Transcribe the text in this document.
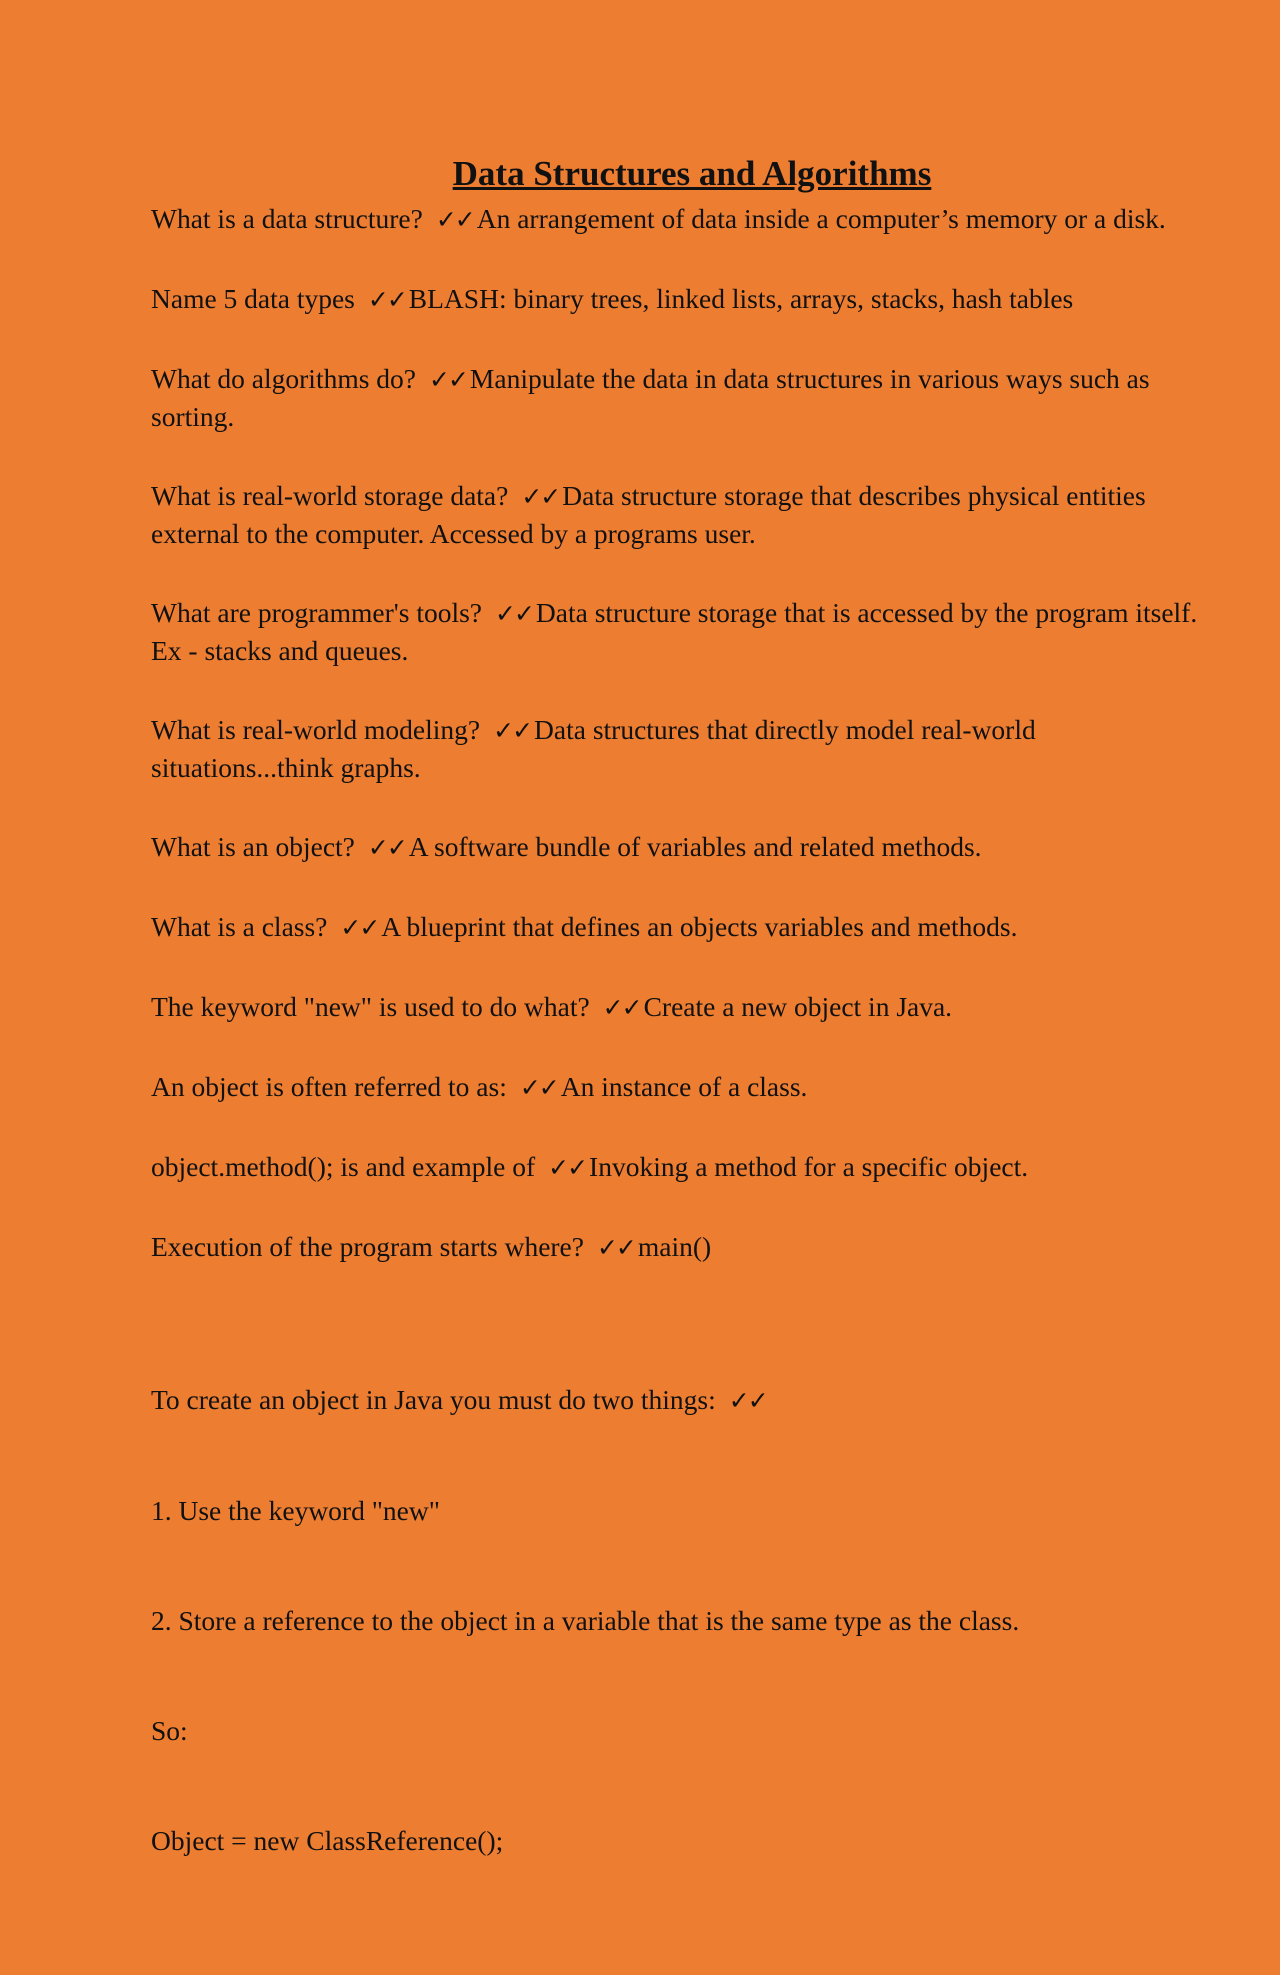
Data Structures and Algorithms
What is a data structure? ✓✓ An arrangement of data inside a computer’s memory or a disk.
Name 5 data types ✓✓ BLASH: binary trees, linked lists, arrays, stacks, hash tables
What do algorithms do? ✓✓ Manipulate the data in data structures in various ways such as sorting.
What is real-world storage data? ✓✓ Data structure storage that describes physical entities external to the computer. Accessed by a programs user.
What are programmer's tools? ✓✓ Data structure storage that is accessed by the program itself. Ex - stacks and queues.
What is real-world modeling? ✓✓ Data structures that directly model real-world situations...think graphs.
What is an object? ✓✓ A software bundle of variables and related methods.
What is a class? ✓✓ A blueprint that defines an objects variables and methods.
The keyword "new" is used to do what? ✓✓ Create a new object in Java.
An object is often referred to as: ✓✓ An instance of a class.
object.method(); is and example of ✓✓ Invoking a method for a specific object.
Execution of the program starts where? ✓✓ main()

To create an object in Java you must do two things: ✓✓

1. Use the keyword "new"

2. Store a reference to the object in a variable that is the same type as the class.

So:

Object = new ClassReference();
